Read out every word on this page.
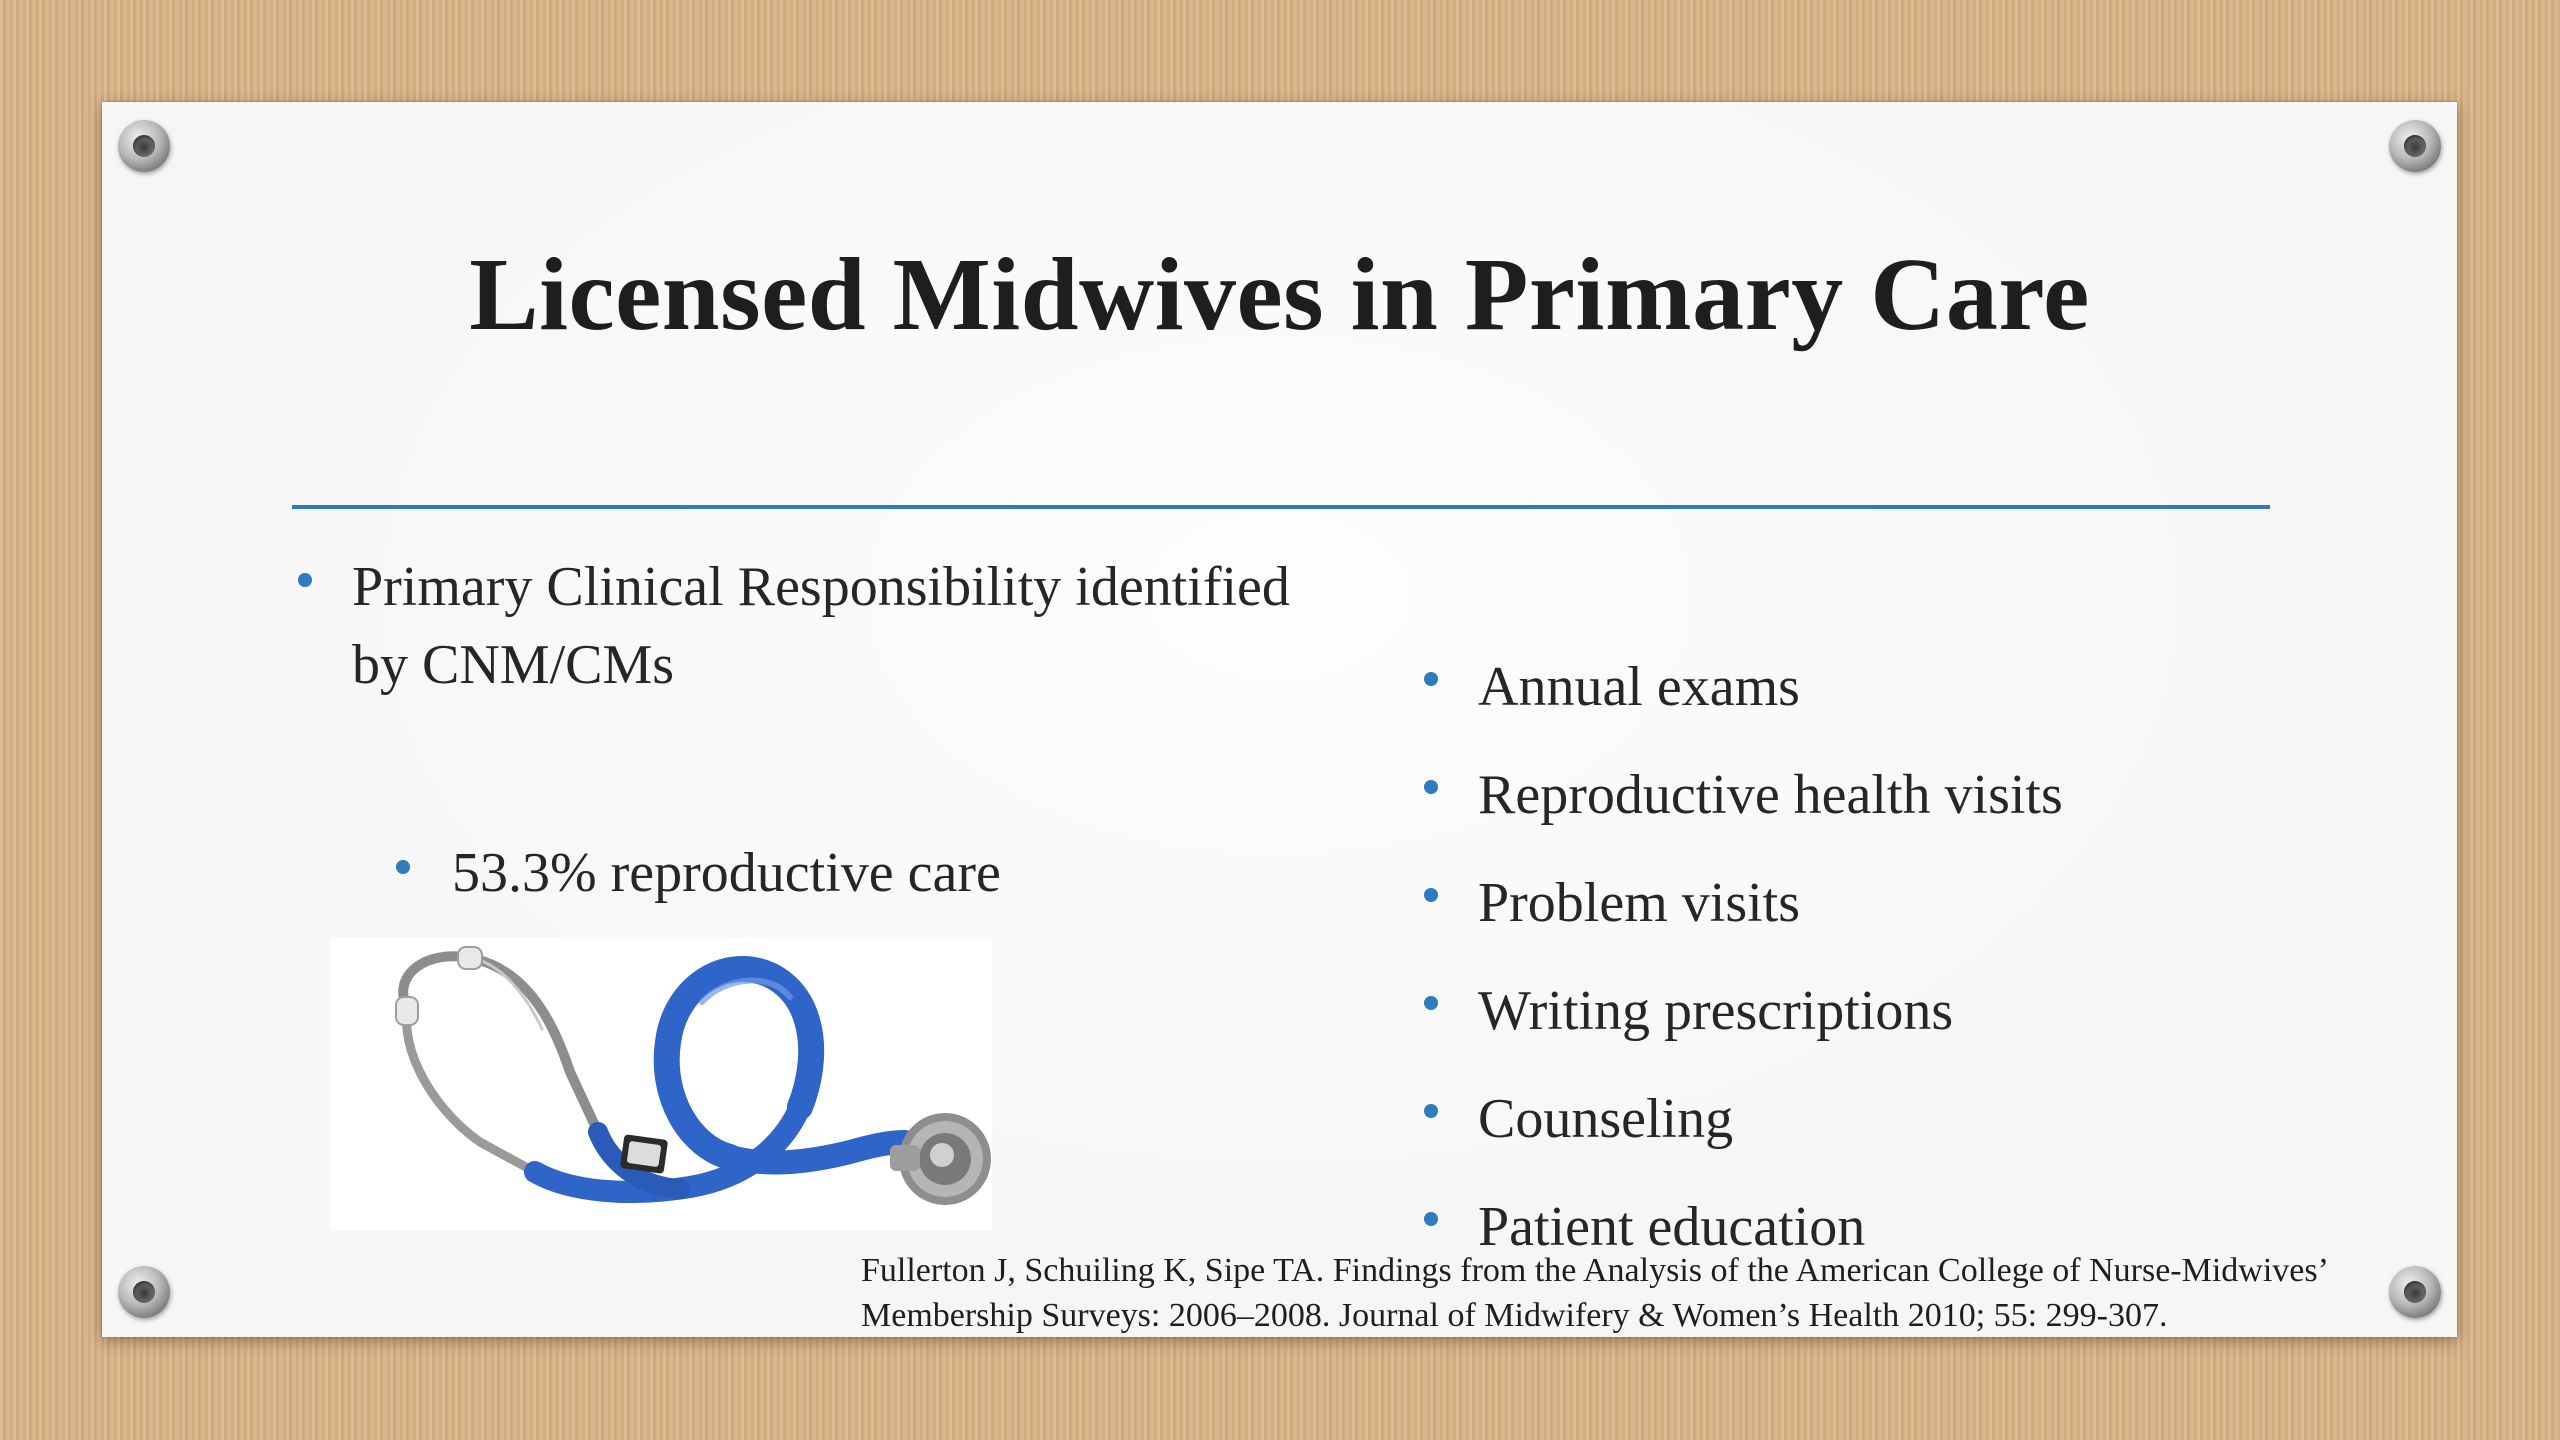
Licensed Midwives in Primary Care
Primary Clinical Responsibility identified by CNM/CMs
53.3% reproductive care
Annual exams
Reproductive health visits
Problem visits
Writing prescriptions
Counseling
Patient education
Fullerton J, Schuiling K, Sipe TA. Findings from the Analysis of the American College of Nurse-Midwives’ Membership Surveys: 2006–2008. Journal of Midwifery & Women’s Health 2010; 55: 299-307.
